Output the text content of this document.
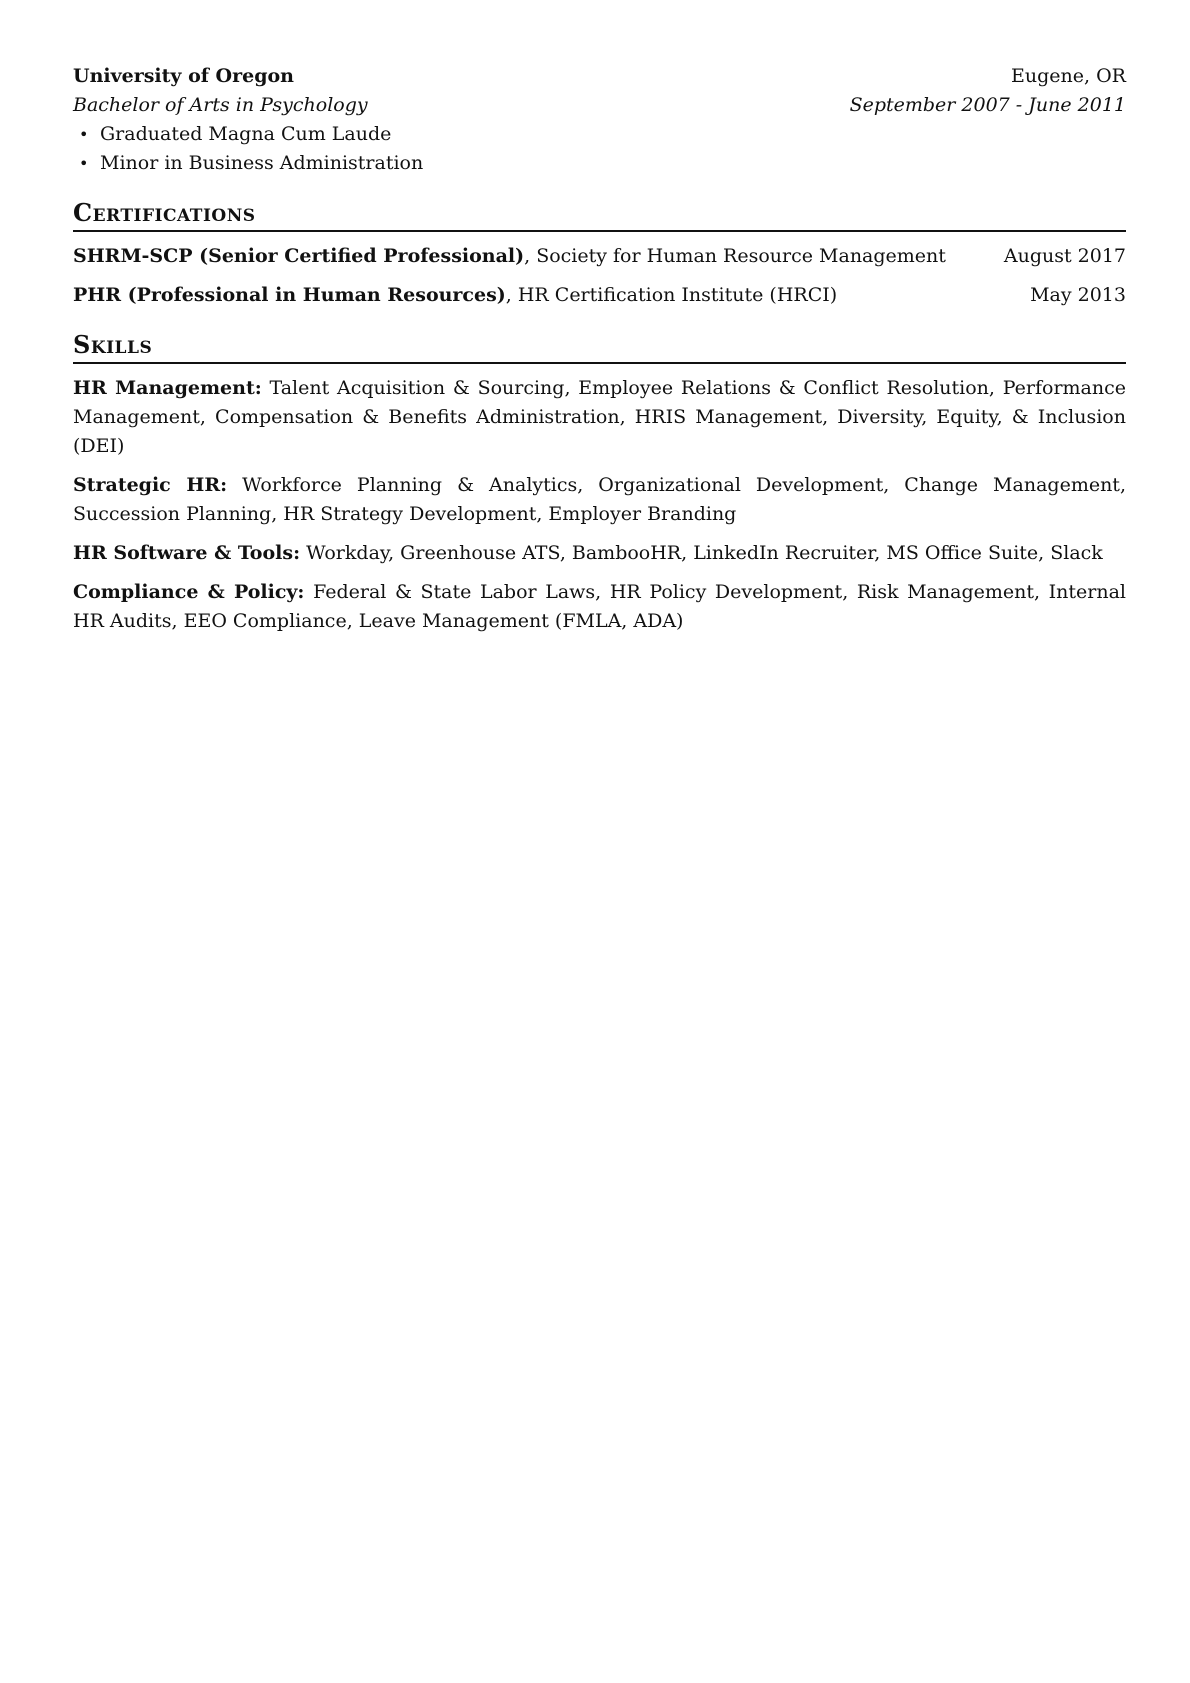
University of Oregon	Eugene, OR
Bachelor of Arts in Psychology	September 2007 - June 2011
• Graduated Magna Cum Laude
• Minor in Business Administration
Certifications
SHRM-SCP (Senior Certified Professional), Society for Human Resource Management	August 2017
PHR (Professional in Human Resources), HR Certification Institute (HRCI)	May 2013
Skills

HR Management: Talent Acquisition & Sourcing, Employee Relations & Conflict Resolution, Performance Management, Compensation & Benefits Administration, HRIS Management, Diversity, Equity, & Inclusion (DEI)

Strategic HR: Workforce Planning & Analytics, Organizational Development, Change Management, Succession Planning, HR Strategy Development, Employer Branding

HR Software & Tools: Workday, Greenhouse ATS, BambooHR, LinkedIn Recruiter, MS Office Suite, Slack

Compliance & Policy: Federal & State Labor Laws, HR Policy Development, Risk Management, Internal HR Audits, EEO Compliance, Leave Management (FMLA, ADA)
